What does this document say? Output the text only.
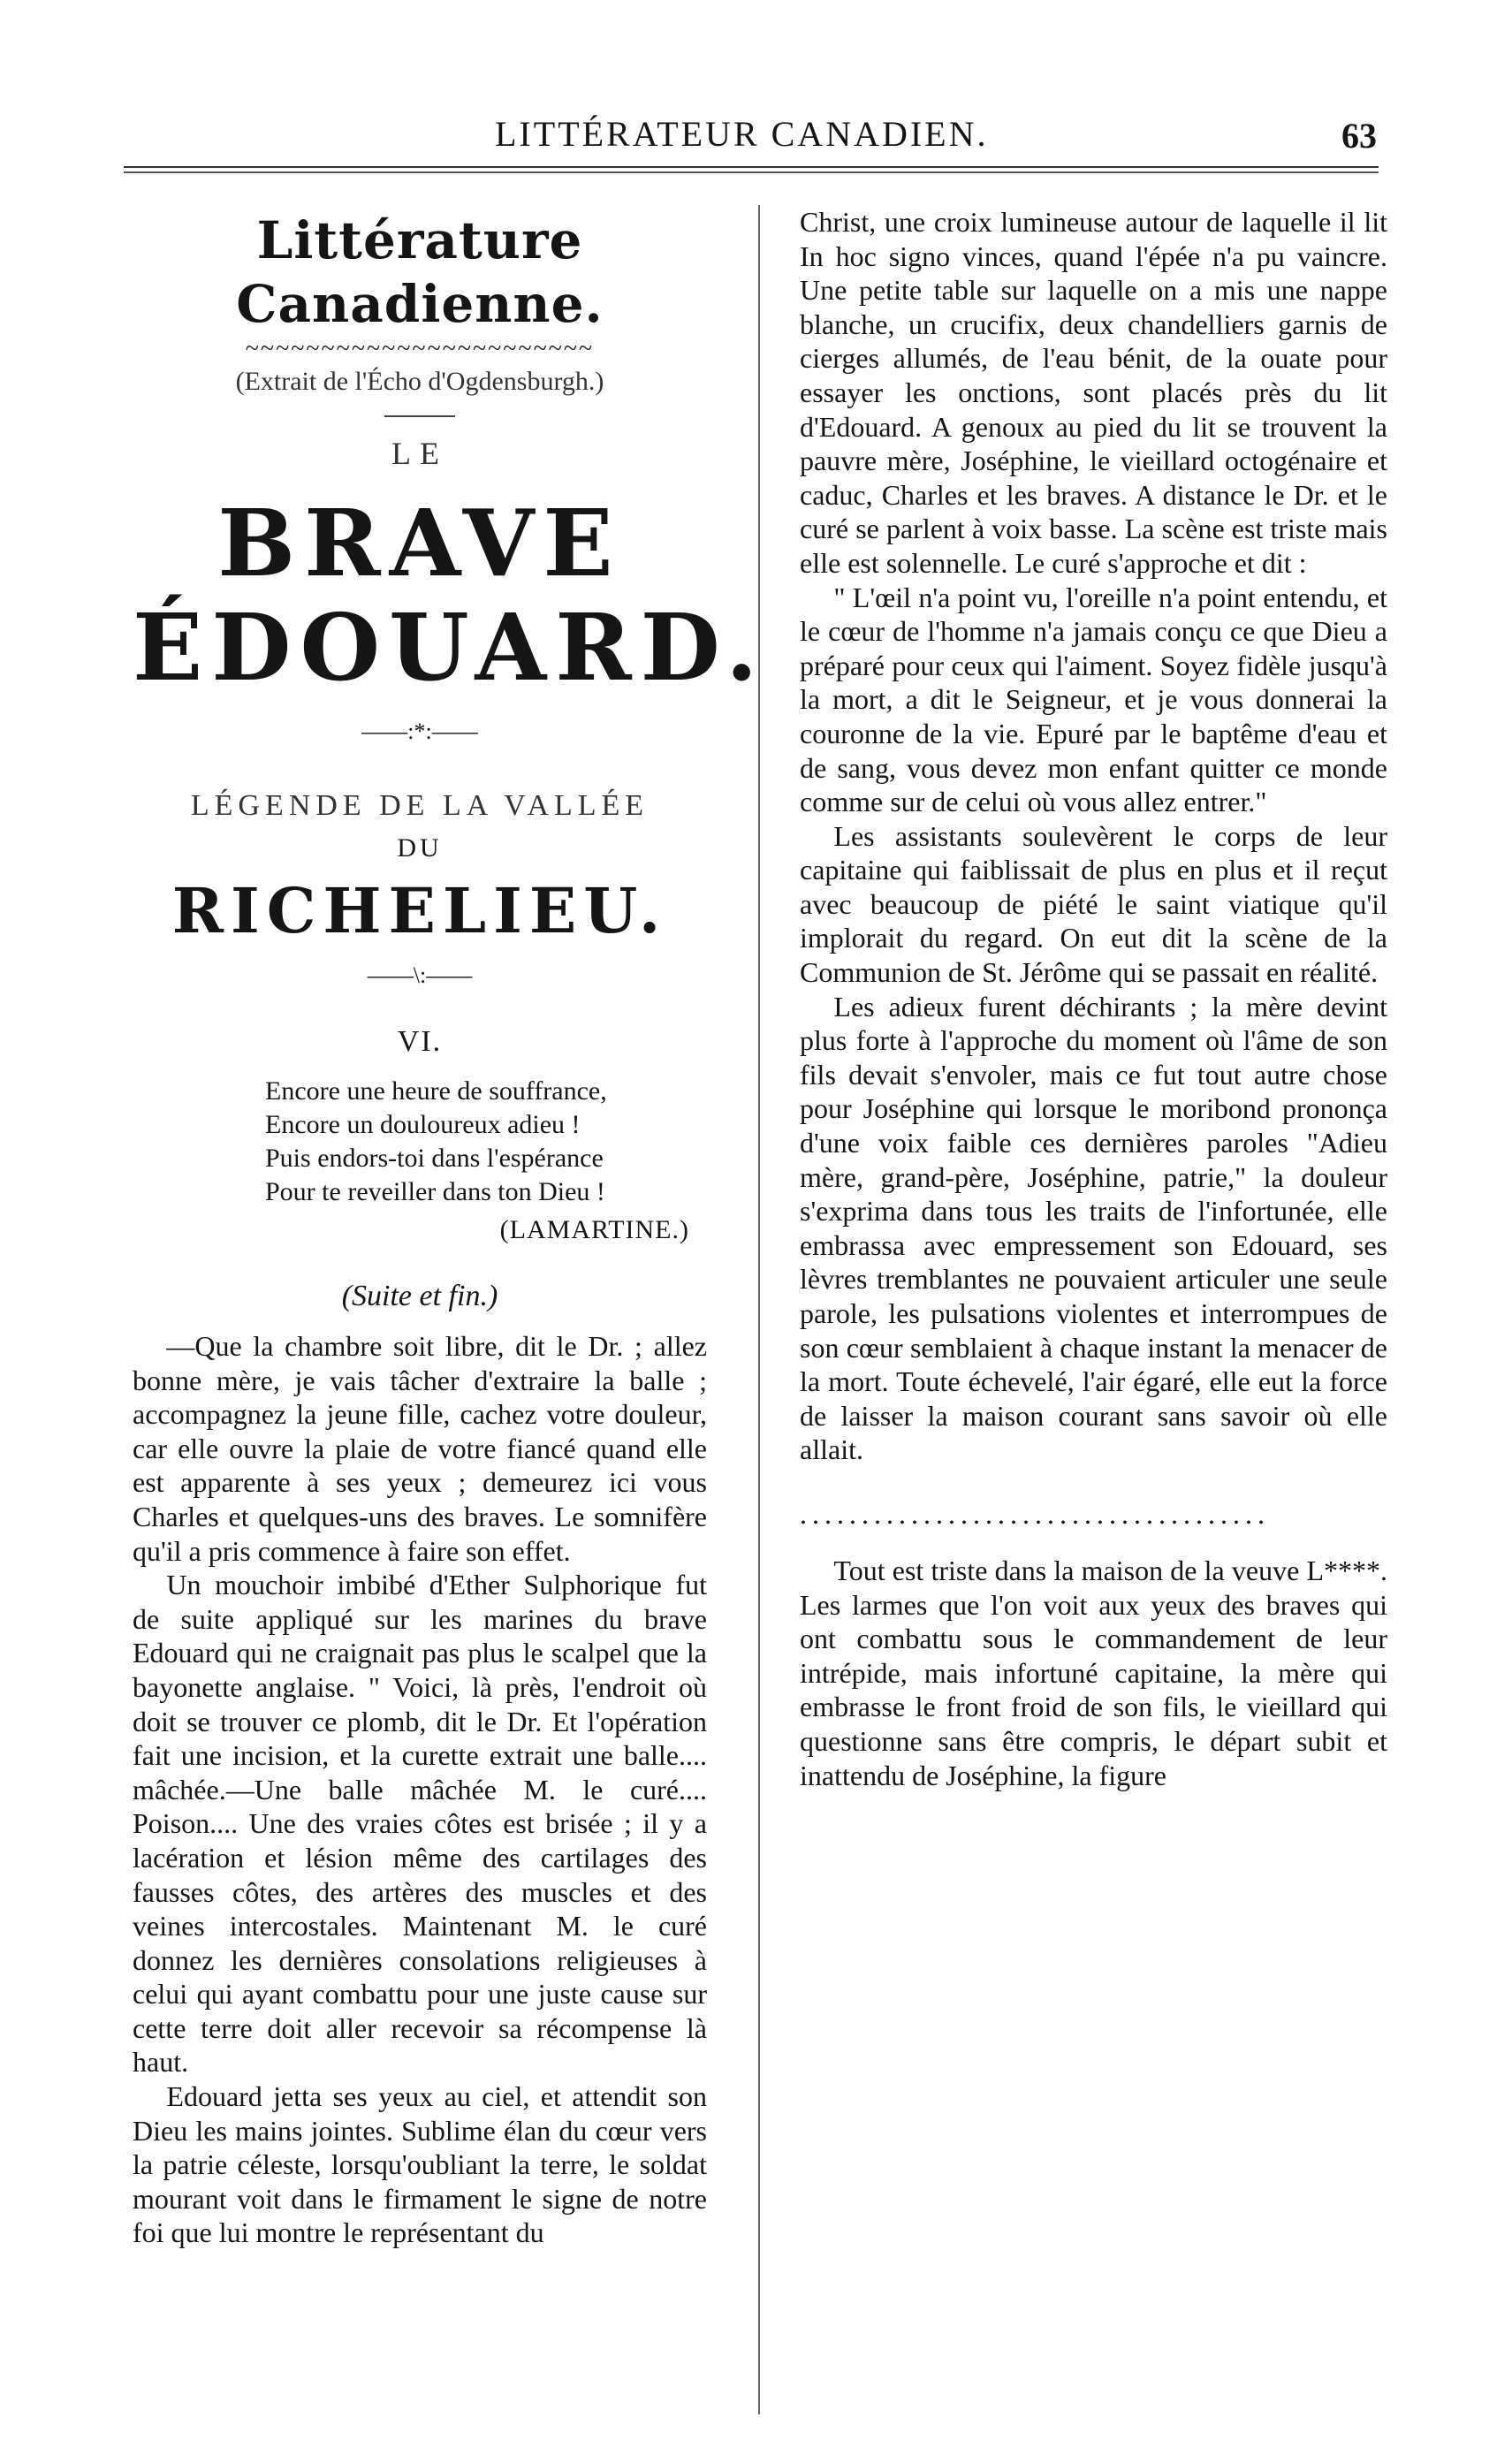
LITTÉRATEUR CANADIEN.	63
Littérature Canadienne.
~~~~~~~~~~~~~~~~~~~~~~~
(Extrait de l'Écho d'Ogdensburgh.)
LE
BRAVE ÉDOUARD.
——:*:——
LÉGENDE DE LA VALLÉE
DU
RICHELIEU.
——\:——
VI.
Encore une heure de souffrance,
Encore un douloureux adieu !
Puis endors-toi dans l'espérance
Pour te reveiller dans ton Dieu !
(LAMARTINE.)
(Suite et fin.)

—Que la chambre soit libre, dit le Dr. ; allez bonne mère, je vais tâcher d'extraire la balle ; accompagnez la jeune fille, cachez votre douleur, car elle ouvre la plaie de votre fiancé quand elle est apparente à ses yeux ; demeurez ici vous Charles et quelques-uns des braves. Le somnifère qu'il a pris commence à faire son effet.

Un mouchoir imbibé d'Ether Sulphorique fut de suite appliqué sur les marines du brave Edouard qui ne craignait pas plus le scalpel que la bayonette anglaise. " Voici, là près, l'endroit où doit se trouver ce plomb, dit le Dr. Et l'opération fait une incision, et la curette extrait une balle.... mâchée.—Une balle mâchée M. le curé.... Poison.... Une des vraies côtes est brisée ; il y a lacération et lésion même des cartilages des fausses côtes, des artères des muscles et des veines intercostales. Maintenant M. le curé donnez les dernières consolations religieuses à celui qui ayant combattu pour une juste cause sur cette terre doit aller recevoir sa récompense là haut.

Edouard jetta ses yeux au ciel, et attendit son Dieu les mains jointes. Sublime élan du cœur vers la patrie céleste, lorsqu'oubliant la terre, le soldat mourant voit dans le firmament le signe de notre foi que lui montre le représentant du

Christ, une croix lumineuse autour de laquelle il lit In hoc signo vinces, quand l'épée n'a pu vaincre. Une petite table sur laquelle on a mis une nappe blanche, un crucifix, deux chandelliers garnis de cierges allumés, de l'eau bénit, de la ouate pour essayer les onctions, sont placés près du lit d'Edouard. A genoux au pied du lit se trouvent la pauvre mère, Joséphine, le vieillard octogénaire et caduc, Charles et les braves. A distance le Dr. et le curé se parlent à voix basse. La scène est triste mais elle est solennelle. Le curé s'approche et dit :

" L'œil n'a point vu, l'oreille n'a point entendu, et le cœur de l'homme n'a jamais conçu ce que Dieu a préparé pour ceux qui l'aiment. Soyez fidèle jusqu'à la mort, a dit le Seigneur, et je vous donnerai la couronne de la vie. Epuré par le baptême d'eau et de sang, vous devez mon enfant quitter ce monde comme sur de celui où vous allez entrer."

Les assistants soulevèrent le corps de leur capitaine qui faiblissait de plus en plus et il reçut avec beaucoup de piété le saint viatique qu'il implorait du regard. On eut dit la scène de la Communion de St. Jérôme qui se passait en réalité.

Les adieux furent déchirants ; la mère devint plus forte à l'approche du moment où l'âme de son fils devait s'envoler, mais ce fut tout autre chose pour Joséphine qui lorsque le moribond prononça d'une voix faible ces dernières paroles "Adieu mère, grand-père, Joséphine, patrie," la douleur s'exprima dans tous les traits de l'infortunée, elle embrassa avec empressement son Edouard, ses lèvres tremblantes ne pouvaient articuler une seule parole, les pulsations violentes et interrompues de son cœur semblaient à chaque instant la menacer de la mort. Toute échevelé, l'air égaré, elle eut la force de laisser la maison courant sans savoir où elle allait.

......................................

Tout est triste dans la maison de la veuve L****. Les larmes que l'on voit aux yeux des braves qui ont combattu sous le commandement de leur intrépide, mais infortuné capitaine, la mère qui embrasse le front froid de son fils, le vieillard qui questionne sans être compris, le départ subit et inattendu de Joséphine, la figure
